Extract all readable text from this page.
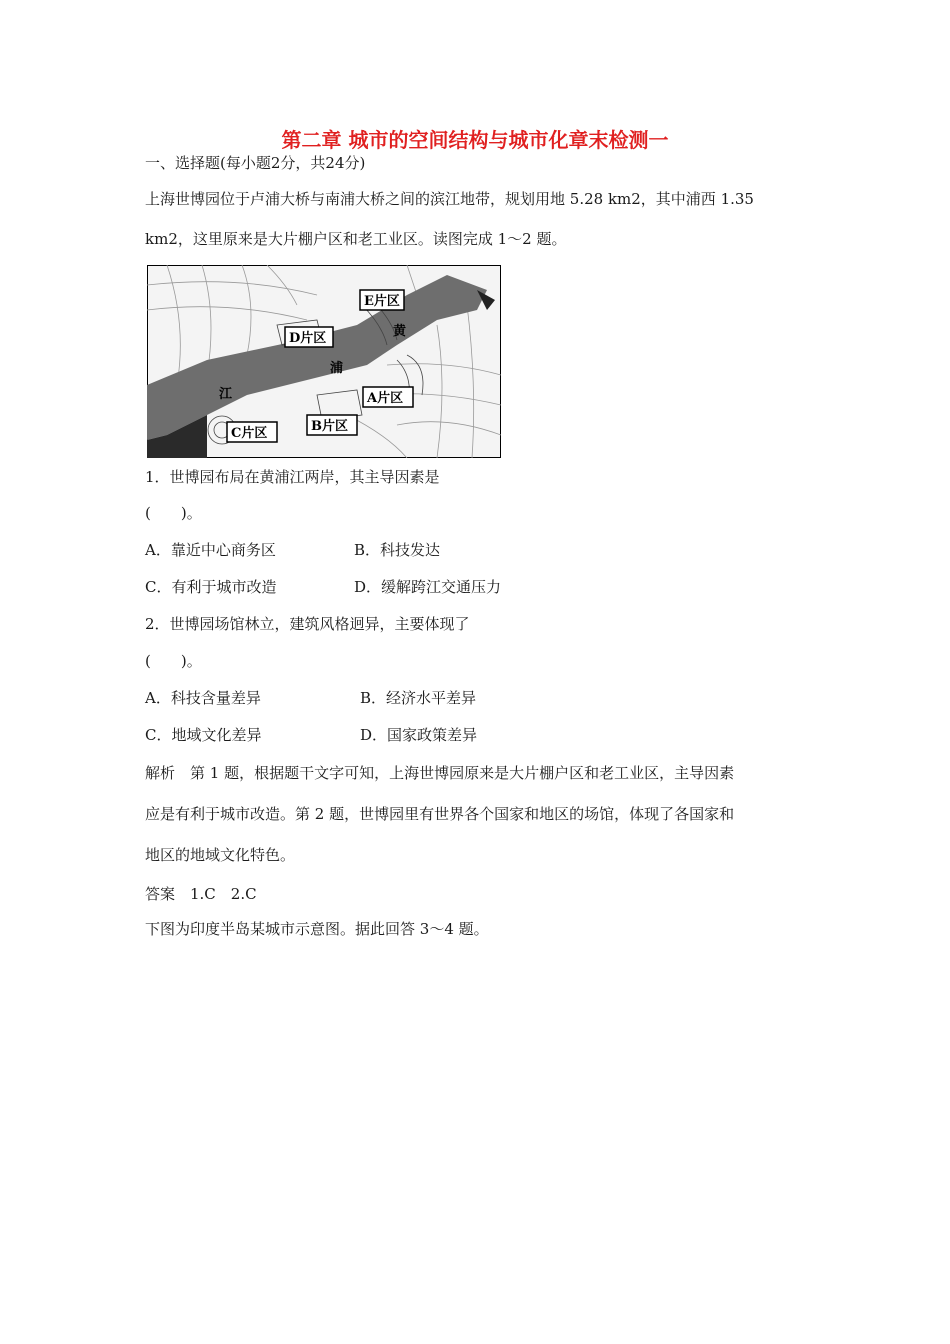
第二章 城市的空间结构与城市化章末检测一
一、选择题(每小题2分，共24分)
上海世博园位于卢浦大桥与南浦大桥之间的滨江地带，规划用地 5.28 km2，其中浦西 1.35
km2，这里原来是大片棚户区和老工业区。读图完成 1～2 题。
E片区
D片区
A片区
B片区
C片区
黄
浦
江
1．世博园布局在黄浦江两岸，其主导因素是
(　　)。
A．靠近中心商务区	B．科技发达
C．有利于城市改造	D．缓解跨江交通压力
2．世博园场馆林立，建筑风格迥异，主要体现了
(　　)。
A．科技含量差异	B．经济水平差异
C．地域文化差异	D．国家政策差异
解析　第 1 题，根据题干文字可知，上海世博园原来是大片棚户区和老工业区，主导因素
应是有利于城市改造。第 2 题，世博园里有世界各个国家和地区的场馆，体现了各国家和
地区的地域文化特色。
答案　1.C　2.C
下图为印度半岛某城市示意图。据此回答 3～4 题。
